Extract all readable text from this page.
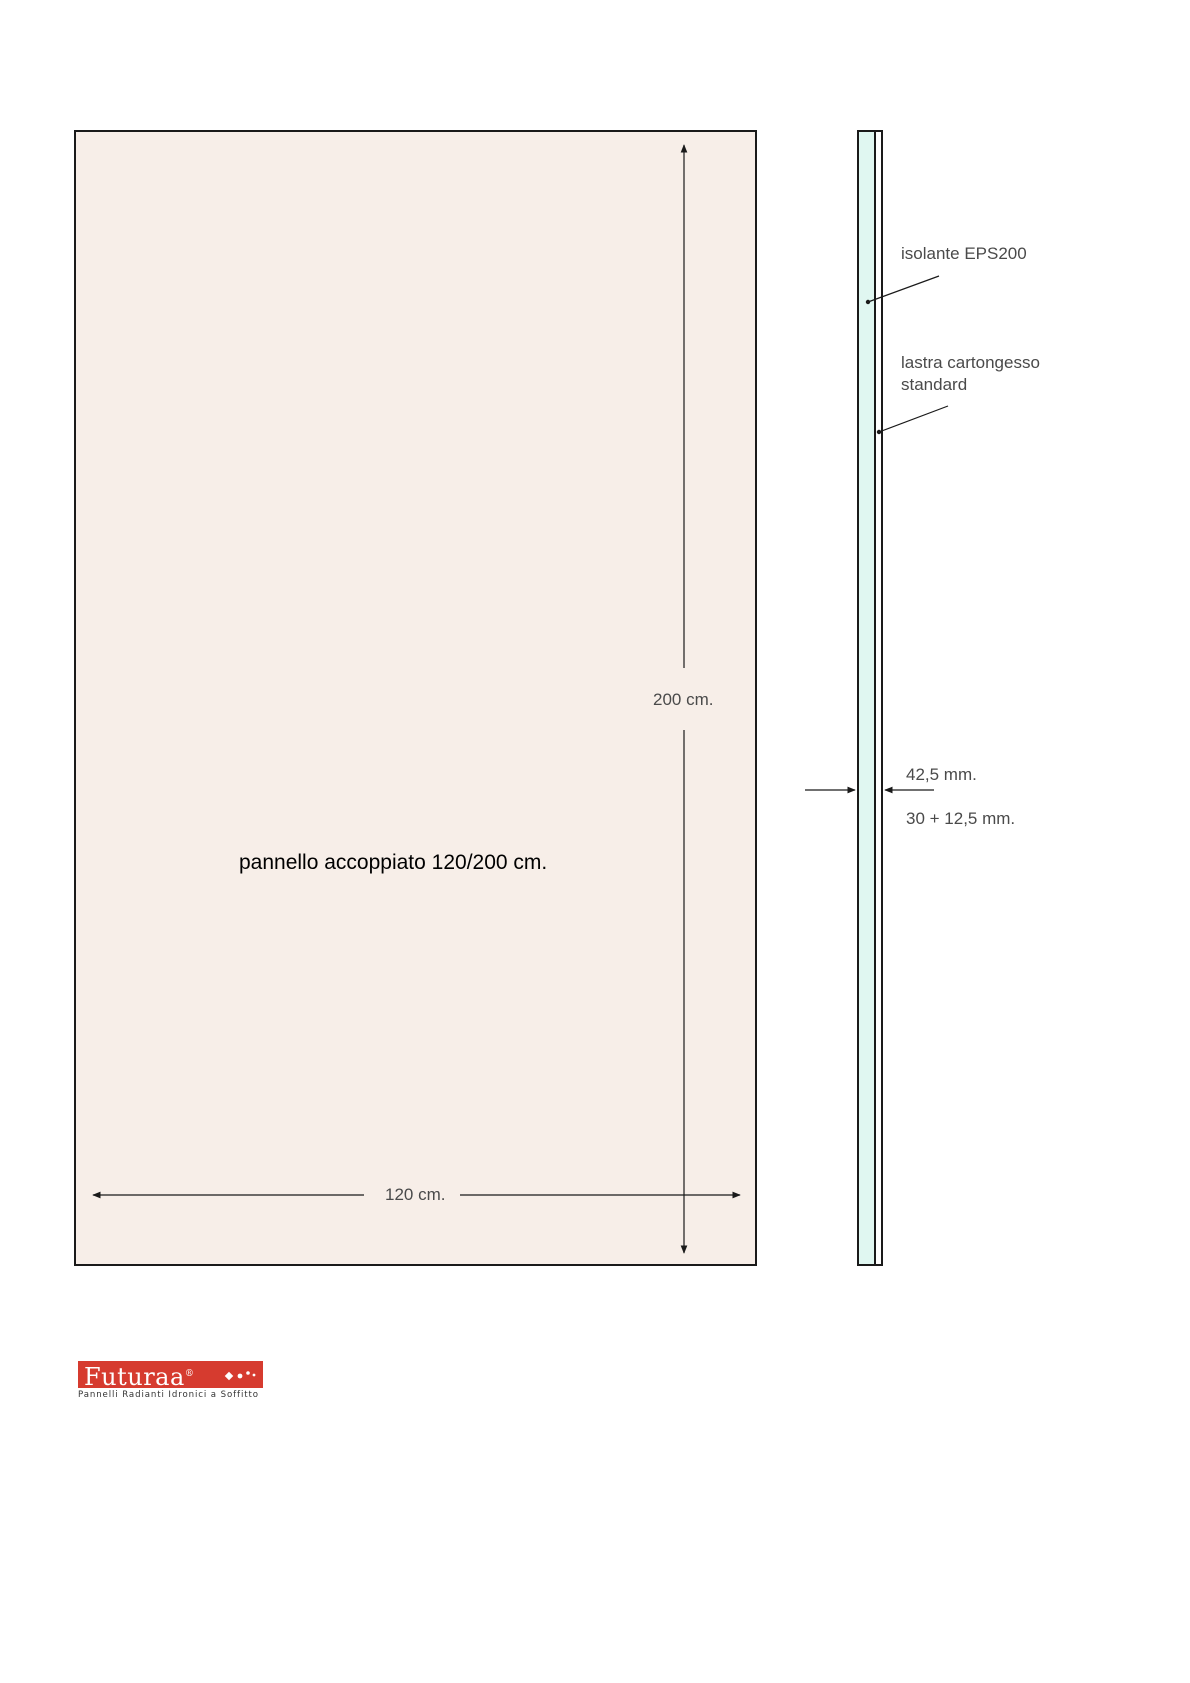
pannello accoppiato 120/200 cm.
200 cm.
120 cm.
isolante EPS200
lastra cartongesso
standard
42,5 mm.
30 + 12,5 mm.
Futuraa®
Pannelli Radianti Idronici a Soffitto
